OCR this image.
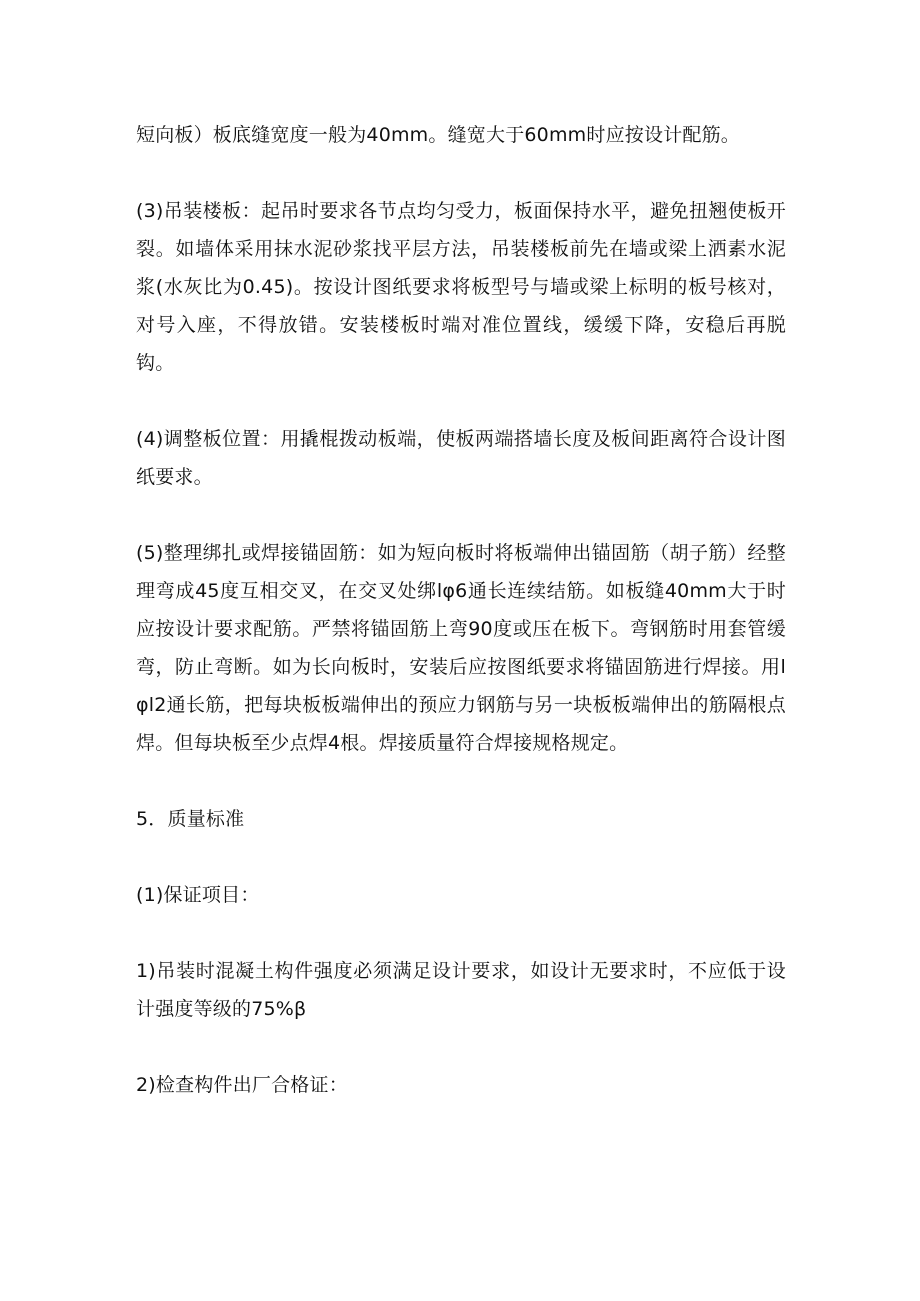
短向板）板底缝宽度一般为40mm。缝宽大于60mm时应按设计配筋。

(3)吊装楼板：起吊时要求各节点均匀受力，板面保持水平，避免扭翘使板开裂。如墙体采用抹水泥砂浆找平层方法，吊装楼板前先在墙或梁上洒素水泥浆(水灰比为0.45)。按设计图纸要求将板型号与墙或梁上标明的板号核对，对号入座，不得放错。安装楼板时端对准位置线，缓缓下降，安稳后再脱钩。

(4)调整板位置：用撬棍拨动板端，使板两端搭墙长度及板间距离符合设计图纸要求。

(5)整理绑扎或焊接锚固筋：如为短向板时将板端伸出锚固筋（胡子筋）经整理弯成45度互相交叉，在交叉处绑lφ6通长连续结筋。如板缝40mm大于时应按设计要求配筋。严禁将锚固筋上弯90度或压在板下。弯钢筋时用套管缓弯，防止弯断。如为长向板时，安装后应按图纸要求将锚固筋进行焊接。用lφl2通长筋，把每块板板端伸出的预应力钢筋与另一块板板端伸出的筋隔根点焊。但每块板至少点焊4根。焊接质量符合焊接规格规定。

5．质量标准

(1)保证项目：

1)吊装时混凝土构件强度必须满足设计要求，如设计无要求时，不应低于设计强度等级的75%β

2)检查构件出厂合格证：
